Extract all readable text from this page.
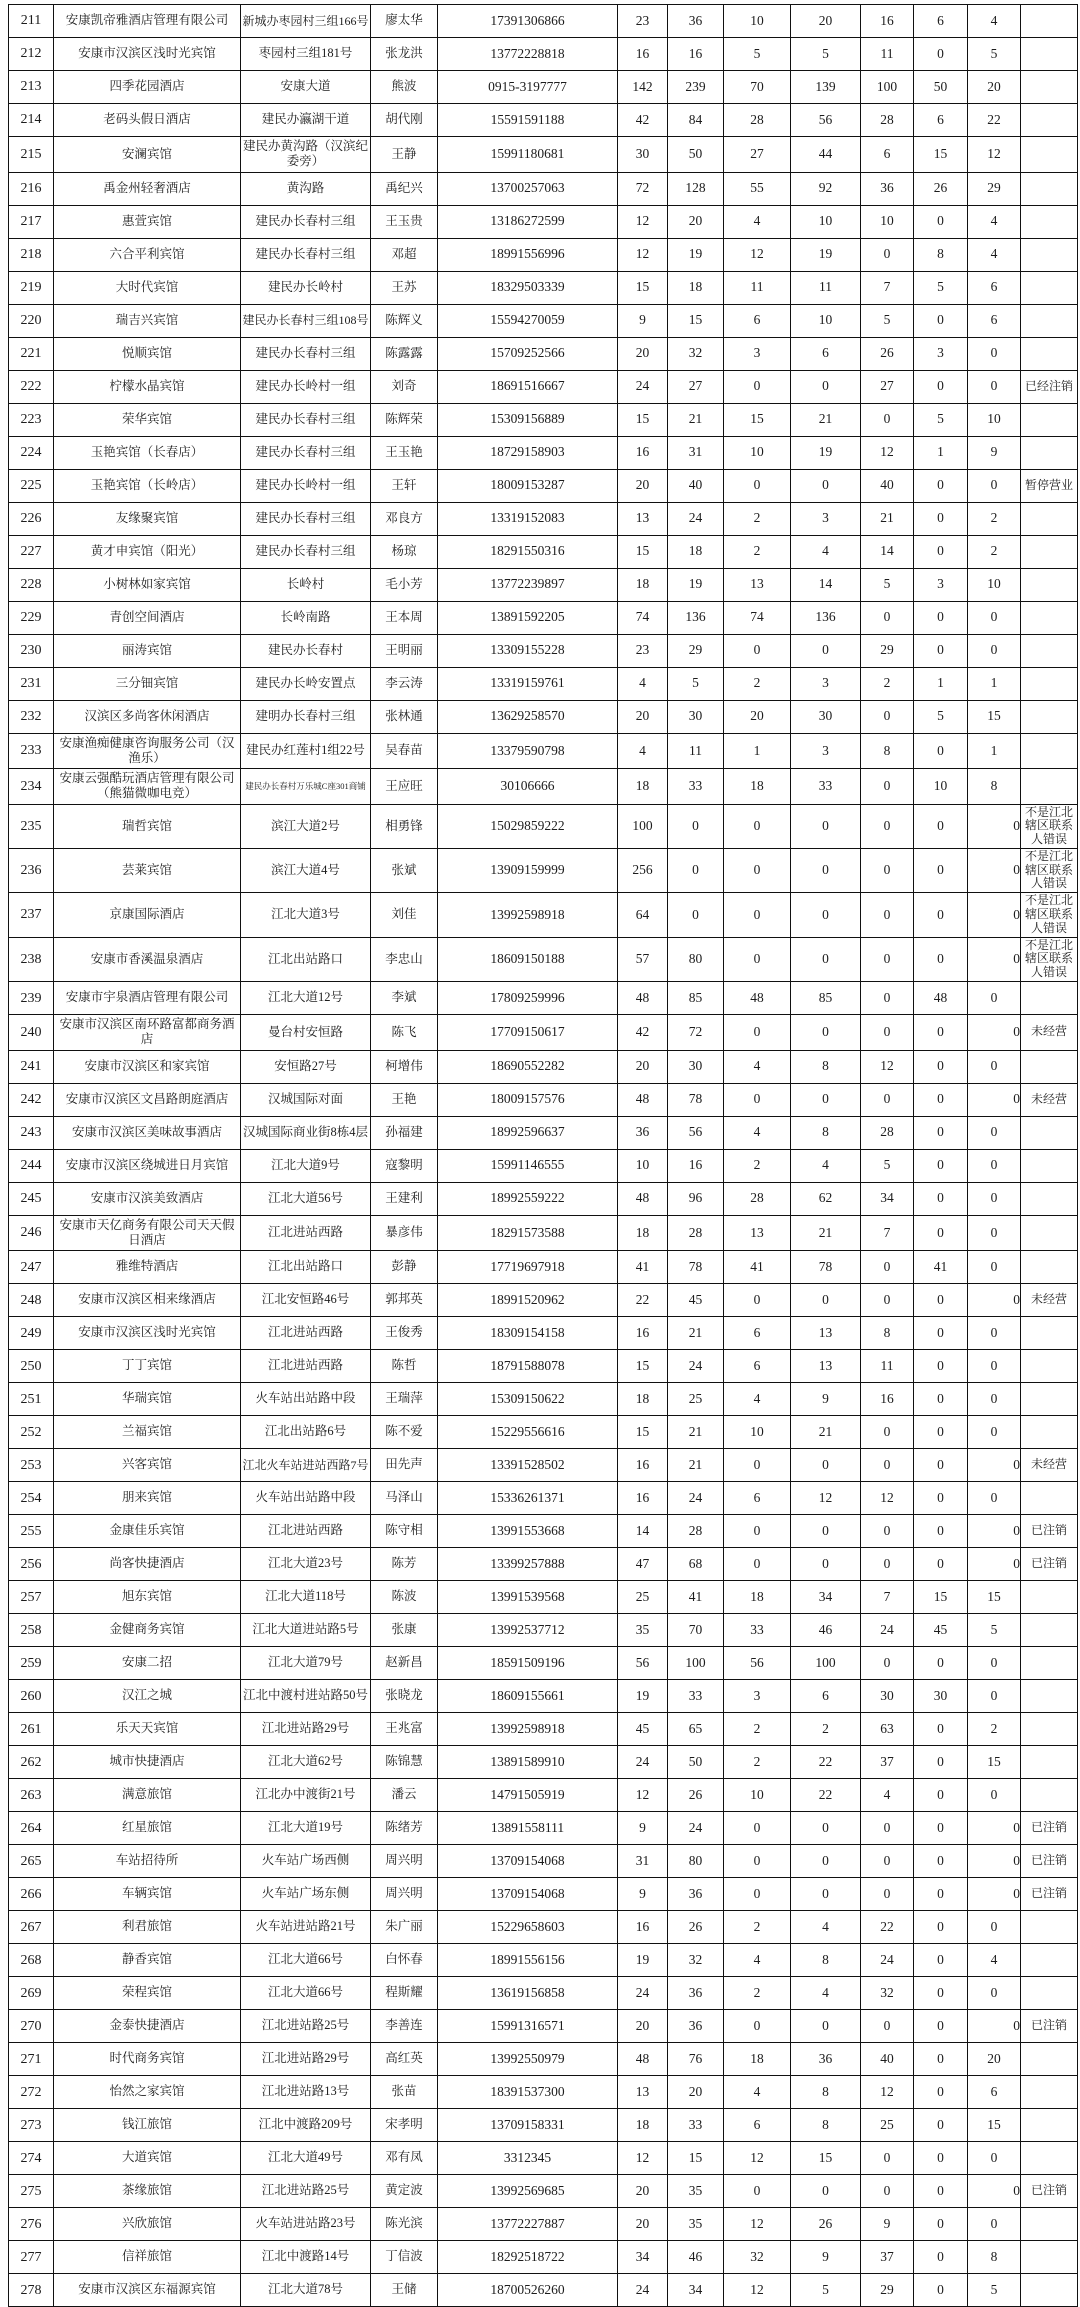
211	安康凯帝雅酒店管理有限公司	新城办枣园村三组166号	廖太华	17391306866	23	36	10	20	16	6	4	
212	安康市汉滨区浅时光宾馆	枣园村三组181号	张龙洪	13772228818	16	16	5	5	11	0	5	
213	四季花园酒店	安康大道	熊波	0915-3197777	142	239	70	139	100	50	20	
214	老码头假日酒店	建民办瀛湖干道	胡代刚	15591591188	42	84	28	56	28	6	22	
215	安澜宾馆	建民办黄沟路（汉滨纪委旁）	王静	15991180681	30	50	27	44	6	15	12	
216	禹金州轻奢酒店	黄沟路	禹纪兴	13700257063	72	128	55	92	36	26	29	
217	惠萱宾馆	建民办长春村三组	王玉贵	13186272599	12	20	4	10	10	0	4	
218	六合平利宾馆	建民办长春村三组	邓超	18991556996	12	19	12	19	0	8	4	
219	大时代宾馆	建民办长岭村	王苏	18329503339	15	18	11	11	7	5	6	
220	瑞吉兴宾馆	建民办长春村三组108号	陈辉义	15594270059	9	15	6	10	5	0	6	
221	悦顺宾馆	建民办长春村三组	陈露露	15709252566	20	32	3	6	26	3	0	
222	柠檬水晶宾馆	建民办长岭村一组	刘奇	18691516667	24	27	0	0	27	0	0	已经注销
223	荣华宾馆	建民办长春村三组	陈辉荣	15309156889	15	21	15	21	0	5	10	
224	玉艳宾馆（长春店）	建民办长春村三组	王玉艳	18729158903	16	31	10	19	12	1	9	
225	玉艳宾馆（长岭店）	建民办长岭村一组	王轩	18009153287	20	40	0	0	40	0	0	暂停营业
226	友缘聚宾馆	建民办长春村三组	邓良方	13319152083	13	24	2	3	21	0	2	
227	黄才申宾馆（阳光）	建民办长春村三组	杨琼	18291550316	15	18	2	4	14	0	2	
228	小树林如家宾馆	长岭村	毛小芳	13772239897	18	19	13	14	5	3	10	
229	青创空间酒店	长岭南路	王本周	13891592205	74	136	74	136	0	0	0	
230	丽涛宾馆	建民办长春村	王明丽	13309155228	23	29	0	0	29	0	0	
231	三分钿宾馆	建民办长岭安置点	李云涛	13319159761	4	5	2	3	2	1	1	
232	汉滨区多尚客休闲酒店	建明办长春村三组	张林通	13629258570	20	30	20	30	0	5	15	
233	安康渔痴健康咨询服务公司（汉渔乐）	建民办红莲村1组22号	吴春苗	13379590798	4	11	1	3	8	0	1	
234	安康云强酷玩酒店管理有限公司（熊猫微咖电竞）	建民办长春村万乐城C座301商铺	王应旺	30106666	18	33	18	33	0	10	8	
235	瑞哲宾馆	滨江大道2号	相勇锋	15029859222	100	0	0	0	0	0	0	不是江北辖区联系人错误
236	芸莱宾馆	滨江大道4号	张斌	13909159999	256	0	0	0	0	0	0	不是江北辖区联系人错误
237	京康国际酒店	江北大道3号	刘佳	13992598918	64	0	0	0	0	0	0	不是江北辖区联系人错误
238	安康市香溪温泉酒店	江北出站路口	李忠山	18609150188	57	80	0	0	0	0	0	不是江北辖区联系人错误
239	安康市宇泉酒店管理有限公司	江北大道12号	李斌	17809259996	48	85	48	85	0	48	0	
240	安康市汉滨区南环路富都商务酒店	曼台村安恒路	陈飞	17709150617	42	72	0	0	0	0	0	未经营
241	安康市汉滨区和家宾馆	安恒路27号	柯增伟	18690552282	20	30	4	8	12	0	0	
242	安康市汉滨区文昌路朗庭酒店	汉城国际对面	王艳	18009157576	48	78	0	0	0	0	0	未经营
243	安康市汉滨区美味故事酒店	汉城国际商业街8栋4层	孙福建	18992596637	36	56	4	8	28	0	0	
244	安康市汉滨区绕城进日月宾馆	江北大道9号	寇黎明	15991146555	10	16	2	4	5	0	0	
245	安康市汉滨美致酒店	江北大道56号	王建利	18992559222	48	96	28	62	34	0	0	
246	安康市天亿商务有限公司天天假日酒店	江北进站西路	暴彦伟	18291573588	18	28	13	21	7	0	0	
247	雅维特酒店	江北出站路口	彭静	17719697918	41	78	41	78	0	41	0	
248	安康市汉滨区相来缘酒店	江北安恒路46号	郭邦英	18991520962	22	45	0	0	0	0	0	未经营
249	安康市汉滨区浅时光宾馆	江北进站西路	王俊秀	18309154158	16	21	6	13	8	0	0	
250	丁丁宾馆	江北进站西路	陈哲	18791588078	15	24	6	13	11	0	0	
251	华瑞宾馆	火车站出站路中段	王瑞萍	15309150622	18	25	4	9	16	0	0	
252	兰福宾馆	江北出站路6号	陈不爱	15229556616	15	21	10	21	0	0	0	
253	兴客宾馆	江北火车站进站西路7号	田先声	13391528502	16	21	0	0	0	0	0	未经营
254	朋来宾馆	火车站出站路中段	马泽山	15336261371	16	24	6	12	12	0	0	
255	金康佳乐宾馆	江北进站西路	陈守相	13991553668	14	28	0	0	0	0	0	已注销
256	尚客快捷酒店	江北大道23号	陈芳	13399257888	47	68	0	0	0	0	0	已注销
257	旭东宾馆	江北大道118号	陈波	13991539568	25	41	18	34	7	15	15	
258	金健商务宾馆	江北大道进站路5号	张康	13992537712	35	70	33	46	24	45	5	
259	安康二招	江北大道79号	赵新昌	18591509196	56	100	56	100	0	0	0	
260	汉江之城	江北中渡村进站路50号	张晓龙	18609155661	19	33	3	6	30	30	0	
261	乐天天宾馆	江北进站路29号	王兆富	13992598918	45	65	2	2	63	0	2	
262	城市快捷酒店	江北大道62号	陈锦慧	13891589910	24	50	2	22	37	0	15	
263	满意旅馆	江北办中渡街21号	潘云	14791505919	12	26	10	22	4	0	0	
264	红星旅馆	江北大道19号	陈绪芳	13891558111	9	24	0	0	0	0	0	已注销
265	车站招待所	火车站广场西侧	周兴明	13709154068	31	80	0	0	0	0	0	已注销
266	车辆宾馆	火车站广场东侧	周兴明	13709154068	9	36	0	0	0	0	0	已注销
267	利君旅馆	火车站进站路21号	朱广丽	15229658603	16	26	2	4	22	0	0	
268	静香宾馆	江北大道66号	白怀春	18991556156	19	32	4	8	24	0	4	
269	荣程宾馆	江北大道66号	程斯耀	13619156858	24	36	2	4	32	0	0	
270	金泰快捷酒店	江北进站路25号	李善连	15991316571	20	36	0	0	0	0	0	已注销
271	时代商务宾馆	江北进站路29号	高红英	13992550979	48	76	18	36	40	0	20	
272	怡然之家宾馆	江北进站路13号	张苗	18391537300	13	20	4	8	12	0	6	
273	钱江旅馆	江北中渡路209号	宋孝明	13709158331	18	33	6	8	25	0	15	
274	大道宾馆	江北大道49号	邓有凤	3312345	12	15	12	15	0	0	0	
275	茶缘旅馆	江北进站路25号	黄定波	13992569685	20	35	0	0	0	0	0	已注销
276	兴欣旅馆	火车站进站路23号	陈光滨	13772227887	20	35	12	26	9	0	0	
277	信祥旅馆	江北中渡路14号	丁信波	18292518722	34	46	32	9	37	0	8	
278	安康市汉滨区东福源宾馆	江北大道78号	王储	18700526260	24	34	12	5	29	0	5	
